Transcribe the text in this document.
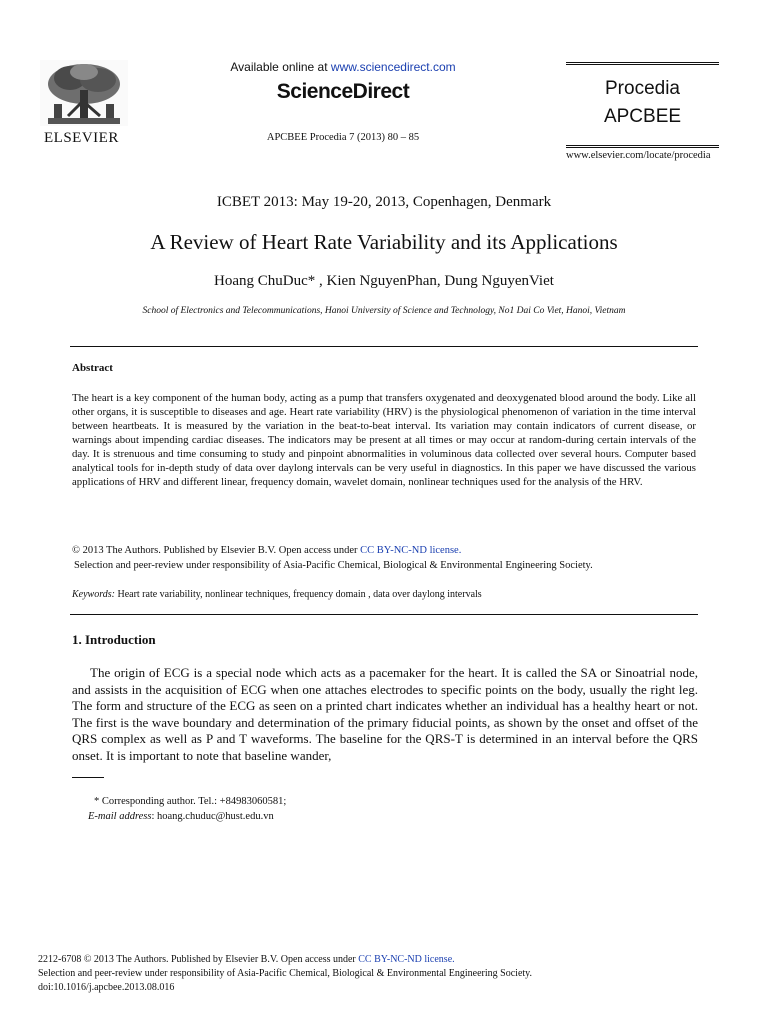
ELSEVIER
Available online at www.sciencedirect.com
ScienceDirect
APCBEE Procedia 7 (2013) 80 – 85
Procedia
APCBEE
www.elsevier.com/locate/procedia
ICBET 2013: May 19-20, 2013, Copenhagen, Denmark
A Review of Heart Rate Variability and its Applications
Hoang ChuDuc* , Kien NguyenPhan, Dung NguyenViet
School of Electronics and Telecommunications, Hanoi University of Science and Technology, No1 Dai Co Viet, Hanoi, Vietnam
Abstract
The heart is a key component of the human body, acting as a pump that transfers oxygenated and deoxygenated blood around the body. Like all other organs, it is susceptible to diseases and age. Heart rate variability (HRV) is the physiological phenomenon of variation in the time interval between heartbeats. It is measured by the variation in the beat-to-beat interval. Its variation may contain indicators of current disease, or warnings about impending cardiac diseases. The indicators may be present at all times or may occur at random-during certain intervals of the day. It is strenuous and time consuming to study and pinpoint abnormalities in voluminous data collected over several hours. Computer based analytical tools for in-depth study of data over daylong intervals can be very useful in diagnostics. In this paper we have discussed the various applications of HRV and different linear, frequency domain, wavelet domain, nonlinear techniques used for the analysis of the HRV.
© 2013 The Authors. Published by Elsevier B.V. Open access under CC BY-NC-ND license.
Selection and peer-review under responsibility of Asia-Pacific Chemical, Biological & Environmental Engineering Society.
Keywords: Heart rate variability, nonlinear techniques, frequency domain , data over daylong intervals
1. Introduction
The origin of ECG is a special node which acts as a pacemaker for the heart. It is called the SA or Sinoatrial node, and assists in the acquisition of ECG when one attaches electrodes to specific points on the body, usually the right leg. The form and structure of the ECG as seen on a printed chart indicates whether an individual has a healthy heart or not. The first is the wave boundary and determination of the primary fiducial points, as shown by the onset and offset of the QRS complex as well as P and T waveforms. The baseline for the QRS-T is determined in an interval before the QRS onset. It is important to note that baseline wander,
* Corresponding author. Tel.: +84983060581;
E-mail address: hoang.chuduc@hust.edu.vn
2212-6708 © 2013 The Authors. Published by Elsevier B.V. Open access under CC BY-NC-ND license.
Selection and peer-review under responsibility of Asia-Pacific Chemical, Biological & Environmental Engineering Society.
doi:10.1016/j.apcbee.2013.08.016
